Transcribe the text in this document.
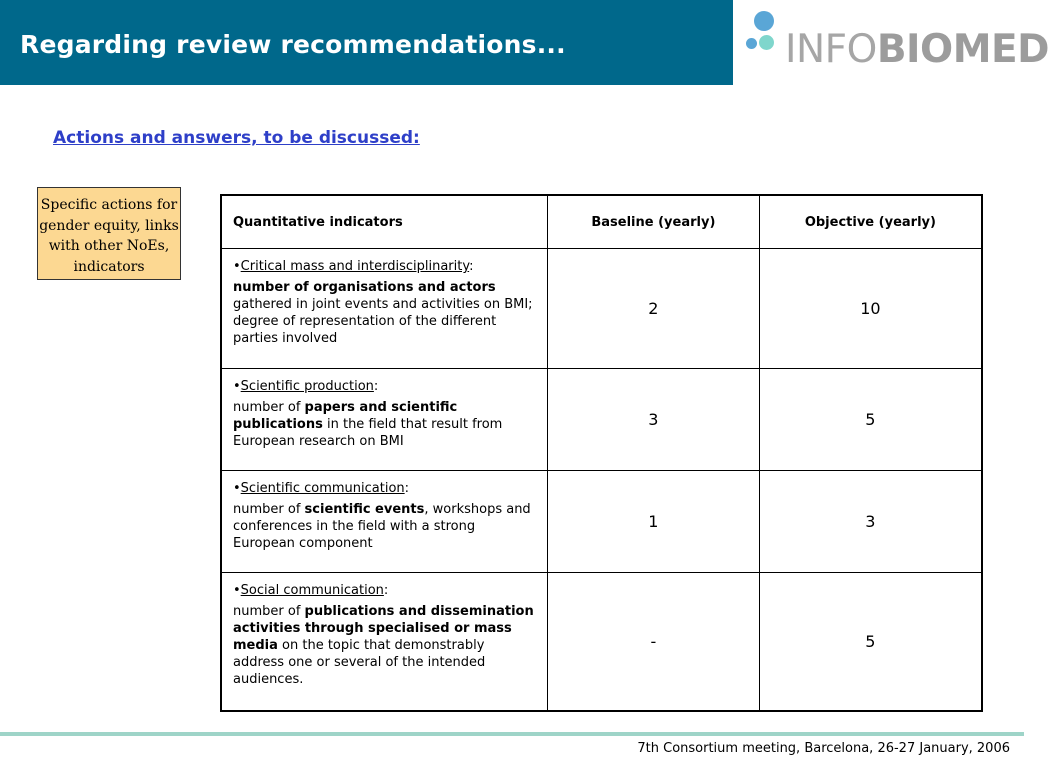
Regarding review recommendations...	INFOBIOMED
Actions and answers, to be discussed:
Specific actions for gender equity, links with other NoEs, indicators
Quantitative indicators	Baseline (yearly)	Objective (yearly)

•Critical mass and interdisciplinarity:
number of organisations and actors gathered in joint events and activities on BMI; degree of representation of the different parties involved	2	10

•Scientific production:
number of papers and scientific publications in the field that result from European research on BMI	3	5

•Scientific communication:
number of scientific events, workshops and conferences in the field with a strong European component	1	3

•Social communication:
number of publications and dissemination activities through specialised or mass media on the topic that demonstrably address one or several of the intended audiences.	-	5
7th Consortium meeting, Barcelona, 26-27 January, 2006
